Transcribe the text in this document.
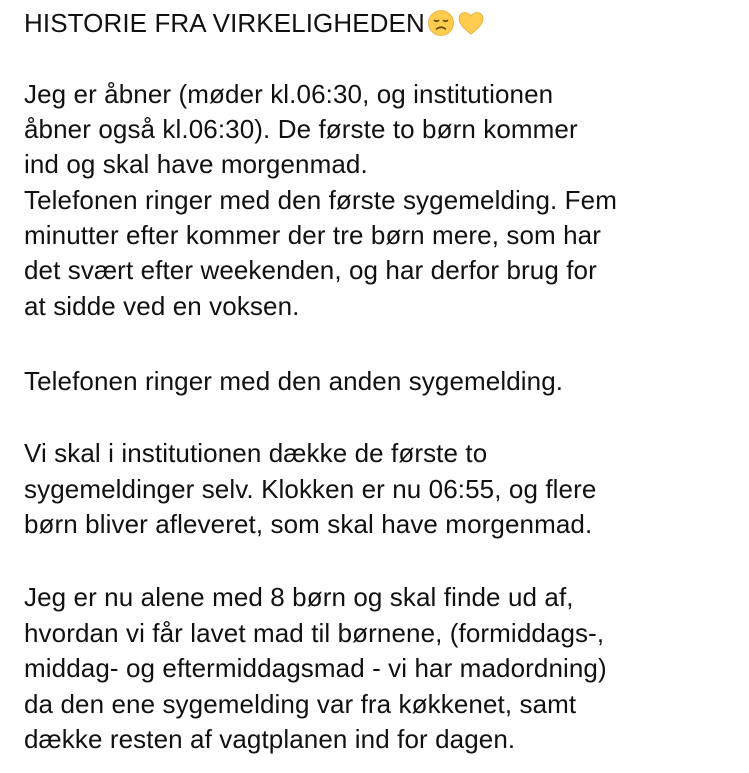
HISTORIE FRA VIRKELIGHEDEN
Jeg er åbner (møder kl.06:30, og institutionen
åbner også kl.06:30). De første to børn kommer
ind og skal have morgenmad.
Telefonen ringer med den første sygemelding. Fem
minutter efter kommer der tre børn mere, som har
det svært efter weekenden, og har derfor brug for
at sidde ved en voksen.
Telefonen ringer med den anden sygemelding.
Vi skal i institutionen dække de første to
sygemeldinger selv. Klokken er nu 06:55, og flere
børn bliver afleveret, som skal have morgenmad.
Jeg er nu alene med 8 børn og skal finde ud af,
hvordan vi får lavet mad til børnene, (formiddags-,
middag- og eftermiddagsmad - vi har madordning)
da den ene sygemelding var fra køkkenet, samt
dække resten af vagtplanen ind for dagen.
